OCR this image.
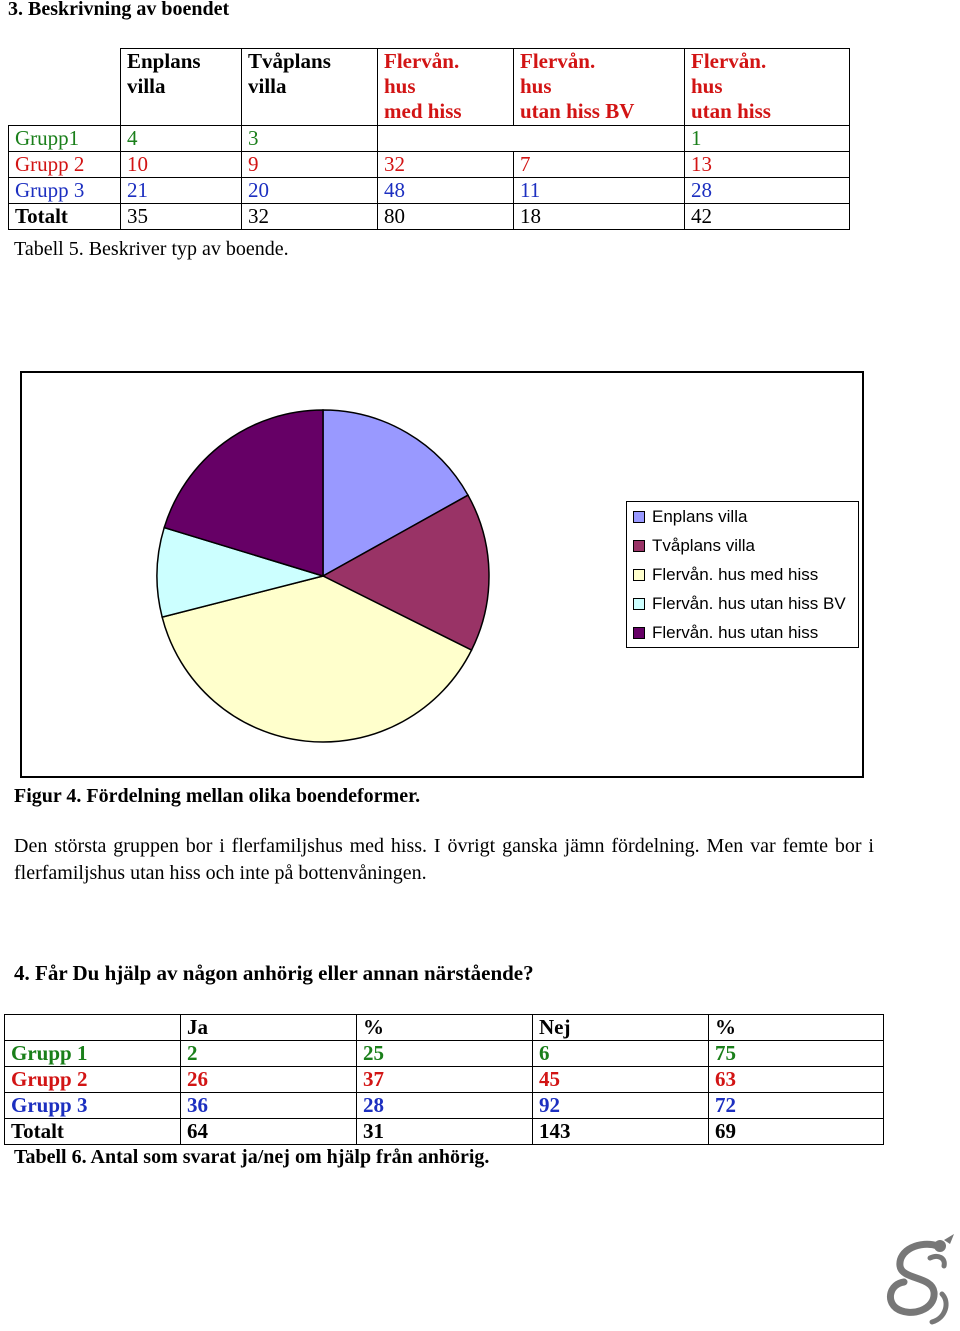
3. Beskrivning av boendet
	Enplans
villa	Tvåplans
villa	Flervån.
hus
med hiss	Flervån.
hus
utan hiss BV	Flervån.
hus
utan hiss
Grupp1	4	3			1
Grupp 2	10	9	32	7	13
Grupp 3	21	20	48	11	28
Totalt	35	32	80	18	42
Tabell 5. Beskriver typ av boende.
Enplans villa
Tvåplans villa
Flervån. hus med hiss
Flervån. hus utan hiss BV
Flervån. hus utan hiss
Figur 4. Fördelning mellan olika boendeformer.
Den största gruppen bor i flerfamiljshus med hiss. I övrigt ganska jämn fördelning. Men var femte bor i flerfamiljshus utan hiss och inte på bottenvåningen.
4. Får Du hjälp av någon anhörig eller annan närstående?
	Ja	%	Nej	%
Grupp 1	2	25	6	75
Grupp 2	26	37	45	63
Grupp 3	36	28	92	72
Totalt	64	31	143	69
Tabell 6. Antal som svarat ja/nej om hjälp från anhörig.
